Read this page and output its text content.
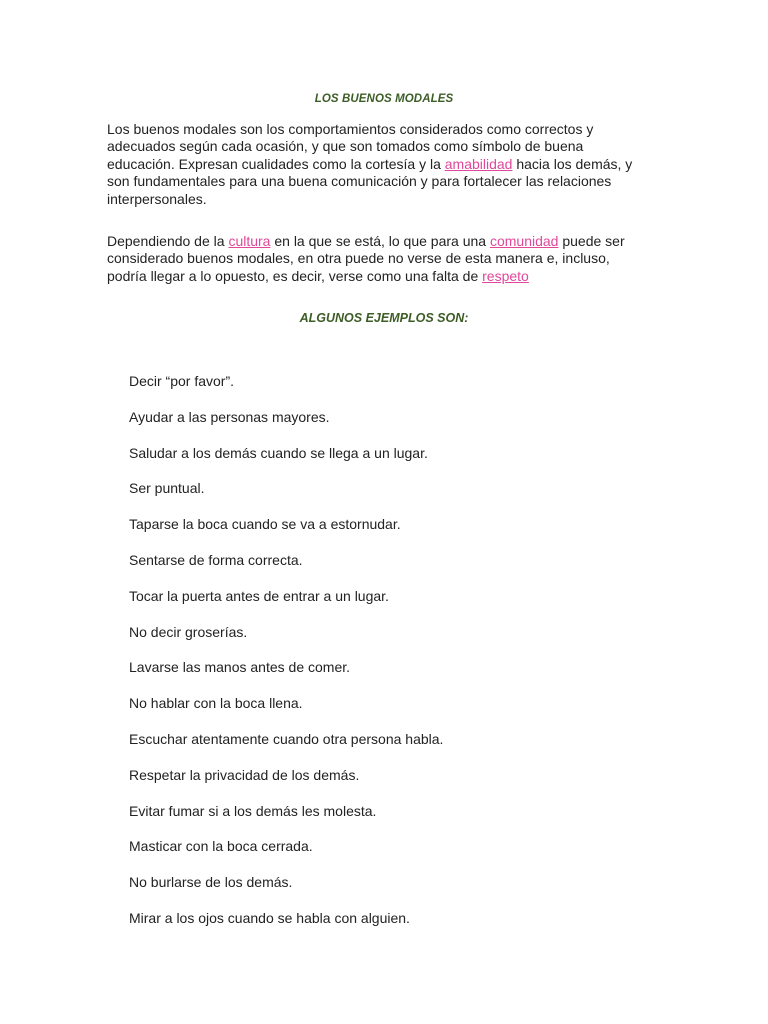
LOS BUENOS MODALES

Los buenos modales son los comportamientos considerados como correctos y adecuados según cada ocasión, y que son tomados como símbolo de buena educación. Expresan cualidades como la cortesía y la amabilidad hacia los demás, y son fundamentales para una buena comunicación y para fortalecer las relaciones interpersonales.

Dependiendo de la cultura en la que se está, lo que para una comunidad puede ser considerado buenos modales, en otra puede no verse de esta manera e, incluso, podría llegar a lo opuesto, es decir, verse como una falta de respeto

ALGUNOS EJEMPLOS SON:
Decir “por favor”.
Ayudar a las personas mayores.
Saludar a los demás cuando se llega a un lugar.
Ser puntual.
Taparse la boca cuando se va a estornudar.
Sentarse de forma correcta.
Tocar la puerta antes de entrar a un lugar.
No decir groserías.
Lavarse las manos antes de comer.
No hablar con la boca llena.
Escuchar atentamente cuando otra persona habla.
Respetar la privacidad de los demás.
Evitar fumar si a los demás les molesta.
Masticar con la boca cerrada.
No burlarse de los demás.
Mirar a los ojos cuando se habla con alguien.
